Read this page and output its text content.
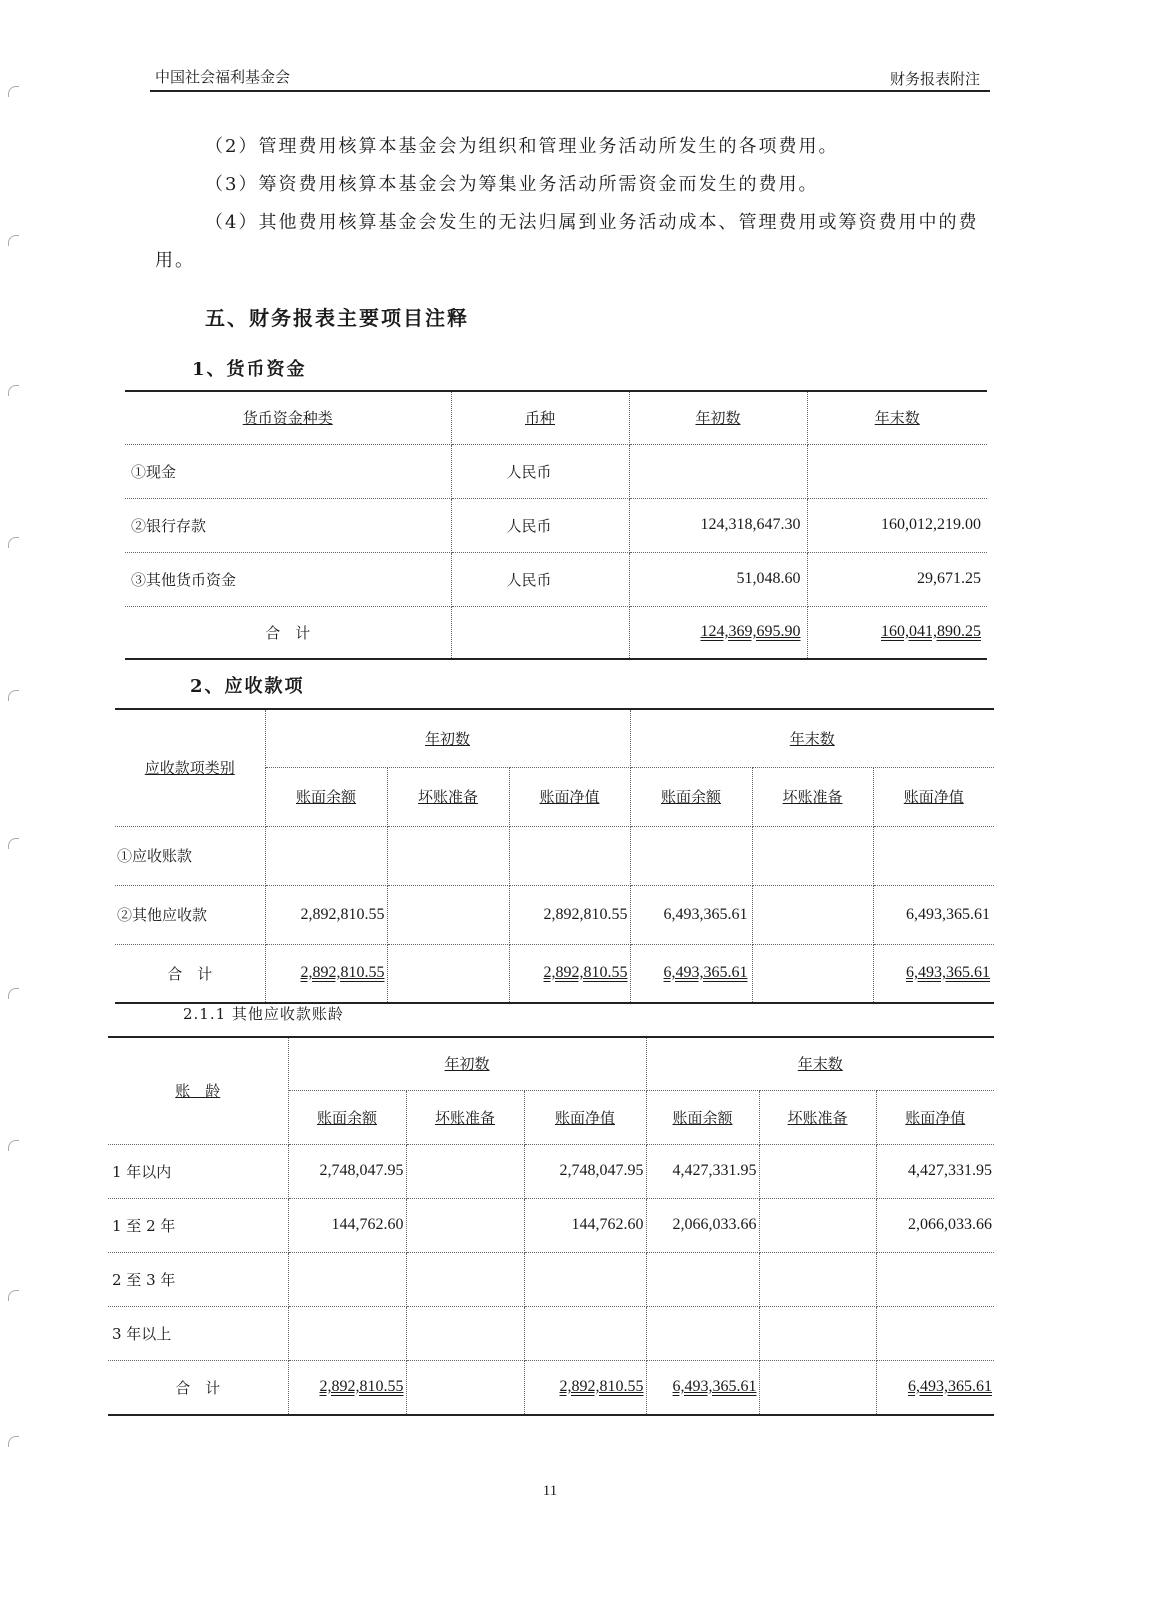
中国社会福利基金会	财务报表附注
（2）管理费用核算本基金会为组织和管理业务活动所发生的各项费用。
（3）筹资费用核算本基金会为筹集业务活动所需资金而发生的费用。
（4）其他费用核算基金会发生的无法归属到业务活动成本、管理费用或筹资费用中的费用。
五、财务报表主要项目注释
1、货币资金
货币资金种类	币种	年初数	年末数
①现金	人民币		
②银行存款	人民币	124,318,647.30	160,012,219.00
③其他货币资金	人民币	51,048.60	29,671.25
合　计		124,369,695.90	160,041,890.25
2、应收款项
应收款项类别	年初数			年末数		
	账面余额	坏账准备	账面净值	账面余额	坏账准备	账面净值
①应收账款						
②其他应收款	2,892,810.55		2,892,810.55	6,493,365.61		6,493,365.61
合　计	2,892,810.55		2,892,810.55	6,493,365.61		6,493,365.61
2.1.1 其他应收款账龄
账　龄	年初数			年末数		
	账面余额	坏账准备	账面净值	账面余额	坏账准备	账面净值
1 年以内	2,748,047.95		2,748,047.95	4,427,331.95		4,427,331.95
1 至 2 年	144,762.60		144,762.60	2,066,033.66		2,066,033.66
2 至 3 年						
3 年以上						
合　计	2,892,810.55		2,892,810.55	6,493,365.61		6,493,365.61
11
